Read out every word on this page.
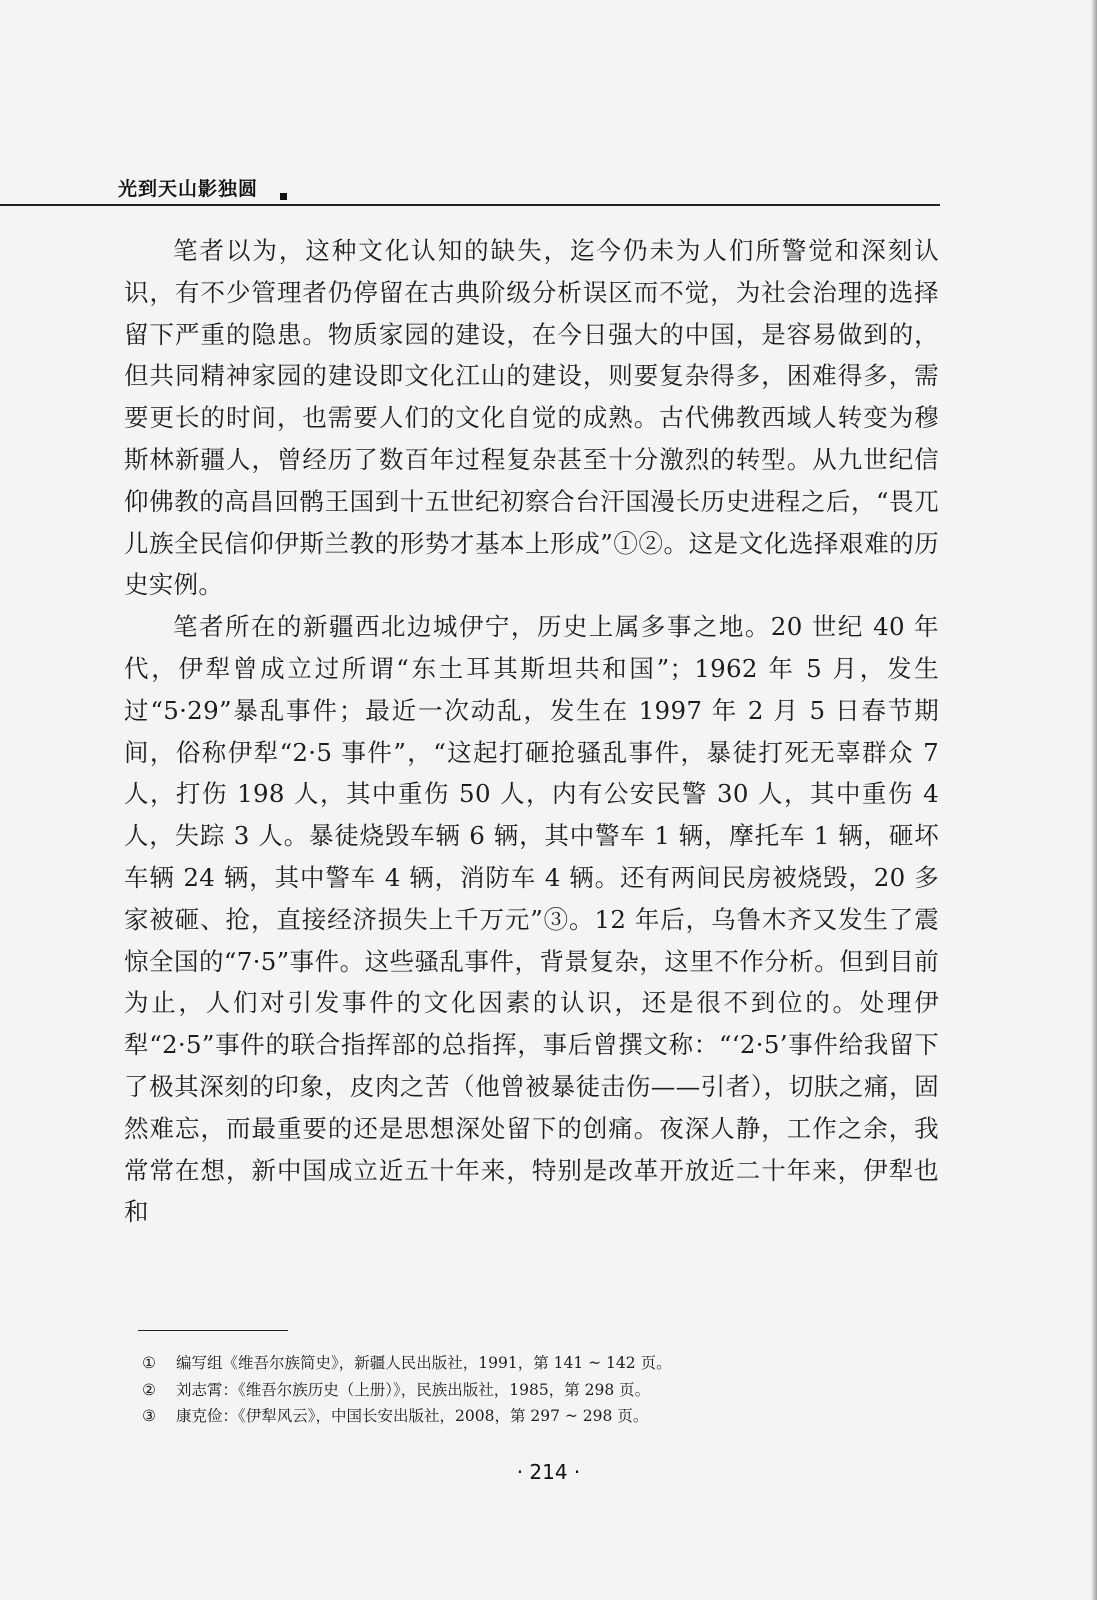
光到天山影独圆

笔者以为，这种文化认知的缺失，迄今仍未为人们所警觉和深刻认识，有不少管理者仍停留在古典阶级分析误区而不觉，为社会治理的选择留下严重的隐患。物质家园的建设，在今日强大的中国，是容易做到的，但共同精神家园的建设即文化江山的建设，则要复杂得多，困难得多，需要更长的时间，也需要人们的文化自觉的成熟。古代佛教西域人转变为穆斯林新疆人，曾经历了数百年过程复杂甚至十分激烈的转型。从九世纪信仰佛教的高昌回鹘王国到十五世纪初察合台汗国漫长历史进程之后，“畏兀儿族全民信仰伊斯兰教的形势才基本上形成”①②。这是文化选择艰难的历史实例。

笔者所在的新疆西北边城伊宁，历史上属多事之地。20 世纪 40 年代，伊犁曾成立过所谓“东土耳其斯坦共和国”；1962 年 5 月，发生过“5·29”暴乱事件；最近一次动乱，发生在 1997 年 2 月 5 日春节期间，俗称伊犁“2·5 事件”，“这起打砸抢骚乱事件，暴徒打死无辜群众 7 人，打伤 198 人，其中重伤 50 人，内有公安民警 30 人，其中重伤 4 人，失踪 3 人。暴徒烧毁车辆 6 辆，其中警车 1 辆，摩托车 1 辆，砸坏车辆 24 辆，其中警车 4 辆，消防车 4 辆。还有两间民房被烧毁，20 多家被砸、抢，直接经济损失上千万元”③。12 年后，乌鲁木齐又发生了震惊全国的“7·5”事件。这些骚乱事件，背景复杂，这里不作分析。但到目前为止，人们对引发事件的文化因素的认识，还是很不到位的。处理伊犁“2·5”事件的联合指挥部的总指挥，事后曾撰文称：“‘2·5’事件给我留下了极其深刻的印象，皮肉之苦（他曾被暴徒击伤——引者），切肤之痛，固然难忘，而最重要的还是思想深处留下的创痛。夜深人静，工作之余，我常常在想，新中国成立近五十年来，特别是改革开放近二十年来，伊犁也和

① 编写组《维吾尔族简史》，新疆人民出版社，1991，第 141 ~ 142 页。
② 刘志霄：《维吾尔族历史（上册）》，民族出版社，1985，第 298 页。
③ 康克俭：《伊犁风云》，中国长安出版社，2008，第 297 ~ 298 页。
· 214 ·
